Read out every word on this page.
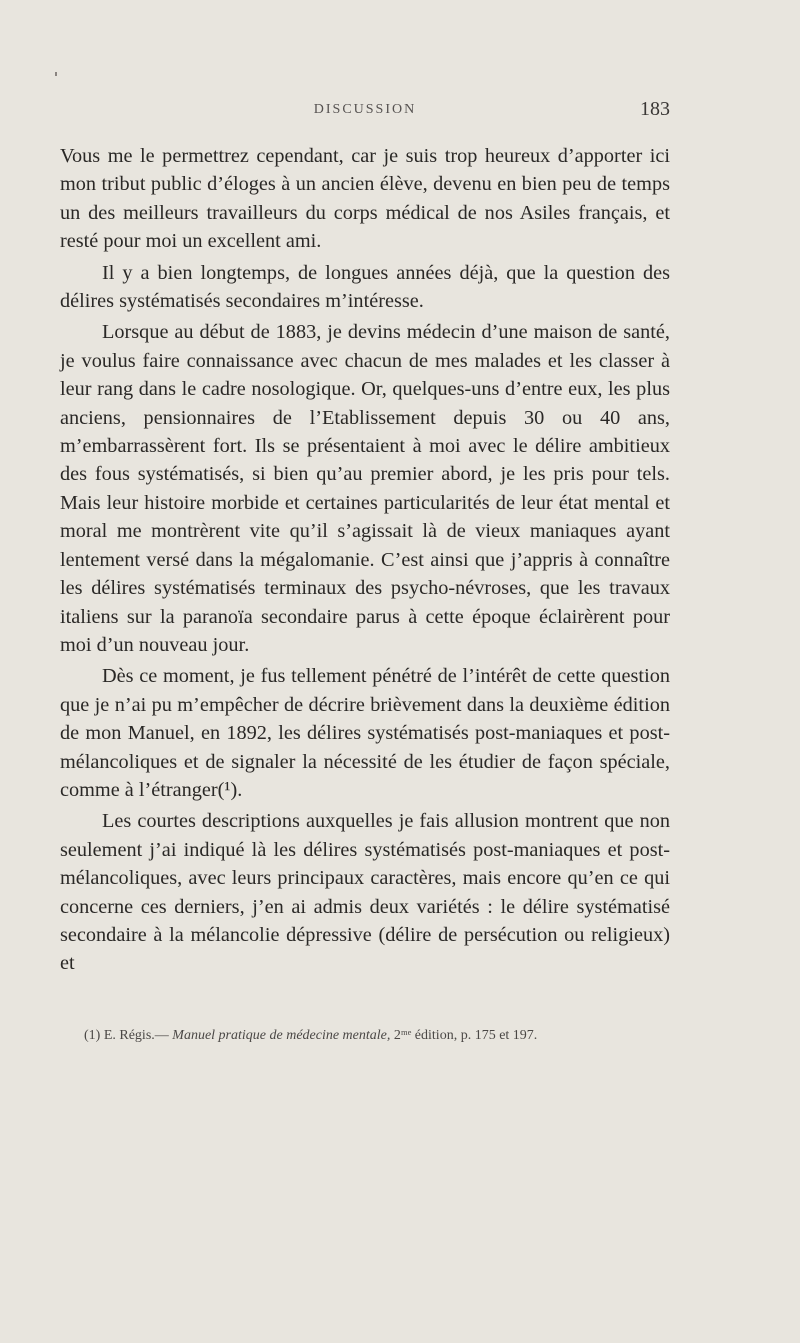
DISCUSSION	183

Vous me le permettrez cependant, car je suis trop heureux d’apporter ici mon tribut public d’éloges à un ancien élève, devenu en bien peu de temps un des meilleurs travailleurs du corps médical de nos Asiles français, et resté pour moi un excellent ami.

Il y a bien longtemps, de longues années déjà, que la question des délires systématisés secondaires m’intéresse.

Lorsque au début de 1883, je devins médecin d’une maison de santé, je voulus faire connaissance avec chacun de mes malades et les classer à leur rang dans le cadre nosologique. Or, quelques-uns d’entre eux, les plus anciens, pensionnaires de l’Etablissement depuis 30 ou 40 ans, m’embarrassèrent fort. Ils se présentaient à moi avec le délire ambitieux des fous systématisés, si bien qu’au premier abord, je les pris pour tels. Mais leur histoire morbide et certaines particularités de leur état mental et moral me montrèrent vite qu’il s’agissait là de vieux maniaques ayant lentement versé dans la mégalomanie. C’est ainsi que j’appris à connaître les délires systématisés terminaux des psycho-névroses, que les travaux italiens sur la paranoïa secondaire parus à cette époque éclairèrent pour moi d’un nouveau jour.

Dès ce moment, je fus tellement pénétré de l’intérêt de cette question que je n’ai pu m’empêcher de décrire brièvement dans la deuxième édition de mon Manuel, en 1892, les délires systématisés post-maniaques et post-mélancoliques et de signaler la nécessité de les étudier de façon spéciale, comme à l’étranger(¹).

Les courtes descriptions auxquelles je fais allusion montrent que non seulement j’ai indiqué là les délires systématisés post-maniaques et post-mélancoliques, avec leurs principaux caractères, mais encore qu’en ce qui concerne ces derniers, j’en ai admis deux variétés : le délire systématisé secondaire à la mélancolie dépressive (délire de persécution ou religieux) et

(1) E. Régis.— Manuel pratique de médecine mentale, 2ᵐᵉ édition, p. 175 et 197.
